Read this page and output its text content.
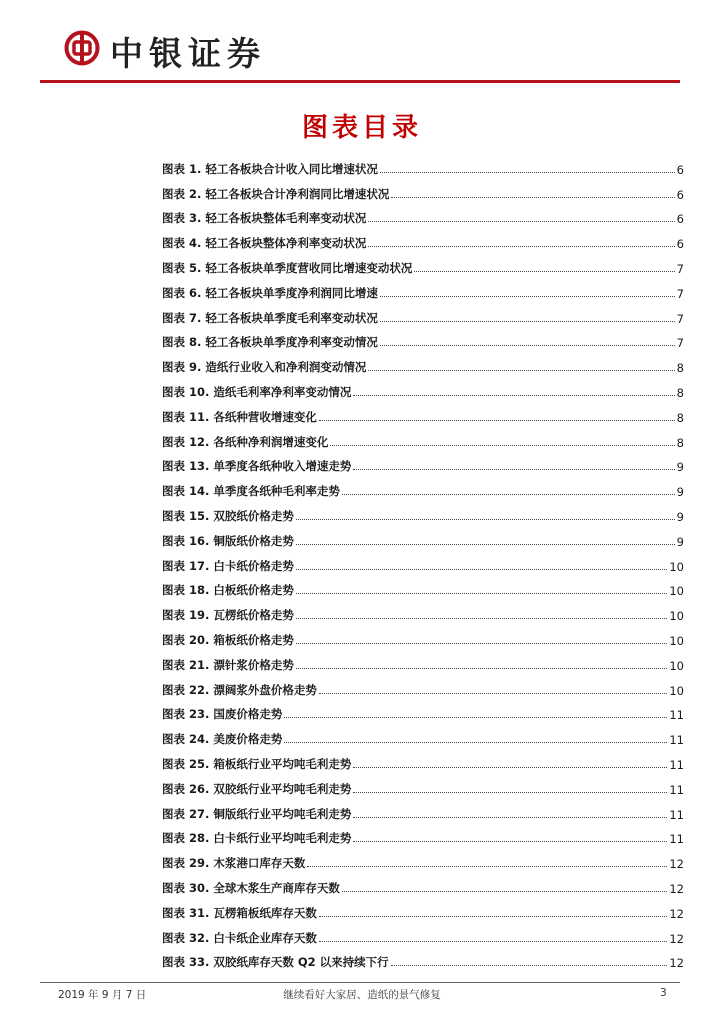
中银证券
图表目录
图表 1. 轻工各板块合计收入同比增速状况	6
图表 2. 轻工各板块合计净利润同比增速状况	6
图表 3. 轻工各板块整体毛利率变动状况	6
图表 4. 轻工各板块整体净利率变动状况	6
图表 5. 轻工各板块单季度营收同比增速变动状况	7
图表 6. 轻工各板块单季度净利润同比增速	7
图表 7. 轻工各板块单季度毛利率变动状况	7
图表 8. 轻工各板块单季度净利率变动情况	7
图表 9. 造纸行业收入和净利润变动情况	8
图表 10. 造纸毛利率净利率变动情况	8
图表 11. 各纸种营收增速变化	8
图表 12. 各纸种净利润增速变化	8
图表 13. 单季度各纸种收入增速走势	9
图表 14. 单季度各纸种毛利率走势	9
图表 15. 双胶纸价格走势	9
图表 16. 铜版纸价格走势	9
图表 17. 白卡纸价格走势	10
图表 18. 白板纸价格走势	10
图表 19. 瓦楞纸价格走势	10
图表 20. 箱板纸价格走势	10
图表 21. 漂针浆价格走势	10
图表 22. 漂阔浆外盘价格走势	10
图表 23. 国废价格走势	11
图表 24. 美废价格走势	11
图表 25. 箱板纸行业平均吨毛利走势	11
图表 26. 双胶纸行业平均吨毛利走势	11
图表 27. 铜版纸行业平均吨毛利走势	11
图表 28. 白卡纸行业平均吨毛利走势	11
图表 29. 木浆港口库存天数	12
图表 30. 全球木浆生产商库存天数	12
图表 31. 瓦楞箱板纸库存天数	12
图表 32. 白卡纸企业库存天数	12
图表 33. 双胶纸库存天数 Q2 以来持续下行	12
2019 年 9 月 7 日	继续看好大家居、造纸的景气修复	3
